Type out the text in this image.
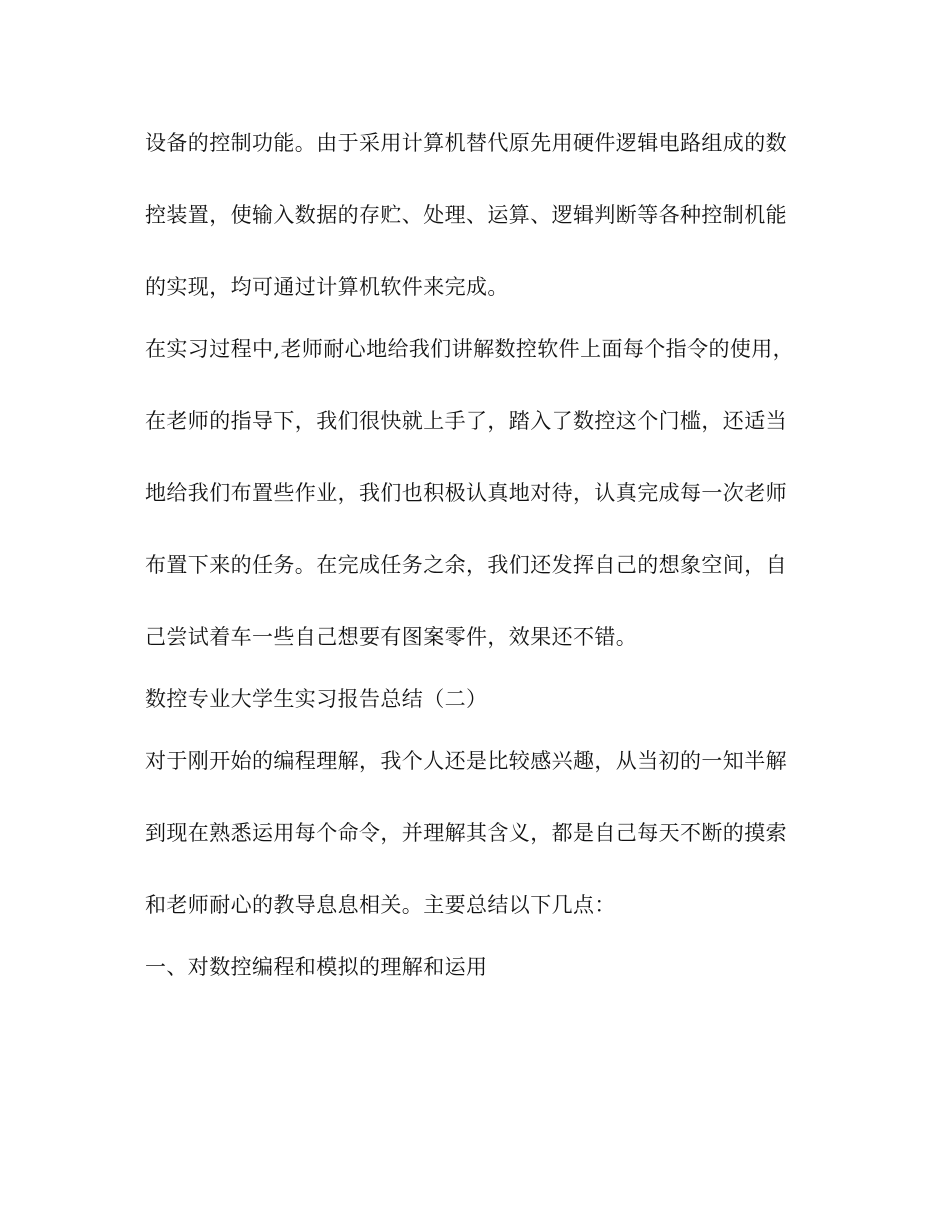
设备的控制功能。由于采用计算机替代原先用硬件逻辑电路组成的数
控装置，使输入数据的存贮、处理、运算、逻辑判断等各种控制机能
的实现，均可通过计算机软件来完成。
在实习过程中,老师耐心地给我们讲解数控软件上面每个指令的使用，
在老师的指导下，我们很快就上手了，踏入了数控这个门槛，还适当
地给我们布置些作业，我们也积极认真地对待，认真完成每一次老师
布置下来的任务。在完成任务之余，我们还发挥自己的想象空间，自
己尝试着车一些自己想要有图案零件，效果还不错。
数控专业大学生实习报告总结（二）
对于刚开始的编程理解，我个人还是比较感兴趣，从当初的一知半解
到现在熟悉运用每个命令，并理解其含义，都是自己每天不断的摸索
和老师耐心的教导息息相关。主要总结以下几点：
一、对数控编程和模拟的理解和运用
